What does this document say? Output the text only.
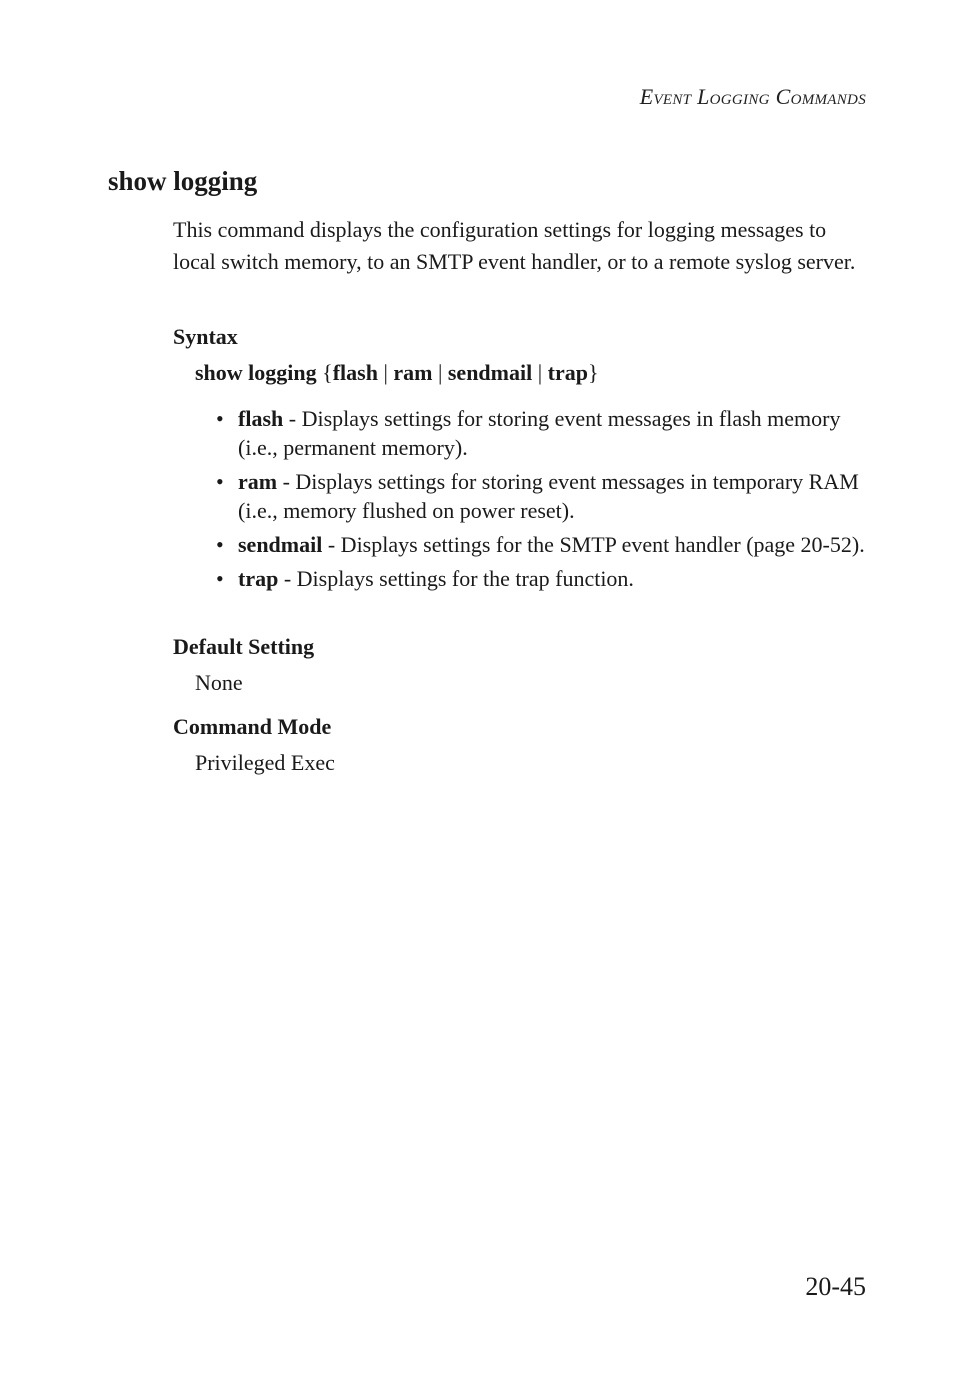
Event Logging Commands
show logging

This command displays the configuration settings for logging messages to local switch memory, to an SMTP event handler, or to a remote syslog server.

Syntax

show logging {flash | ram | sendmail | trap}

• flash - Displays settings for storing event messages in flash memory (i.e., permanent memory).
• ram - Displays settings for storing event messages in temporary RAM (i.e., memory flushed on power reset).
• sendmail - Displays settings for the SMTP event handler (page 20-52).
• trap - Displays settings for the trap function.
Default Setting

None

Command Mode

Privileged Exec

20-45
